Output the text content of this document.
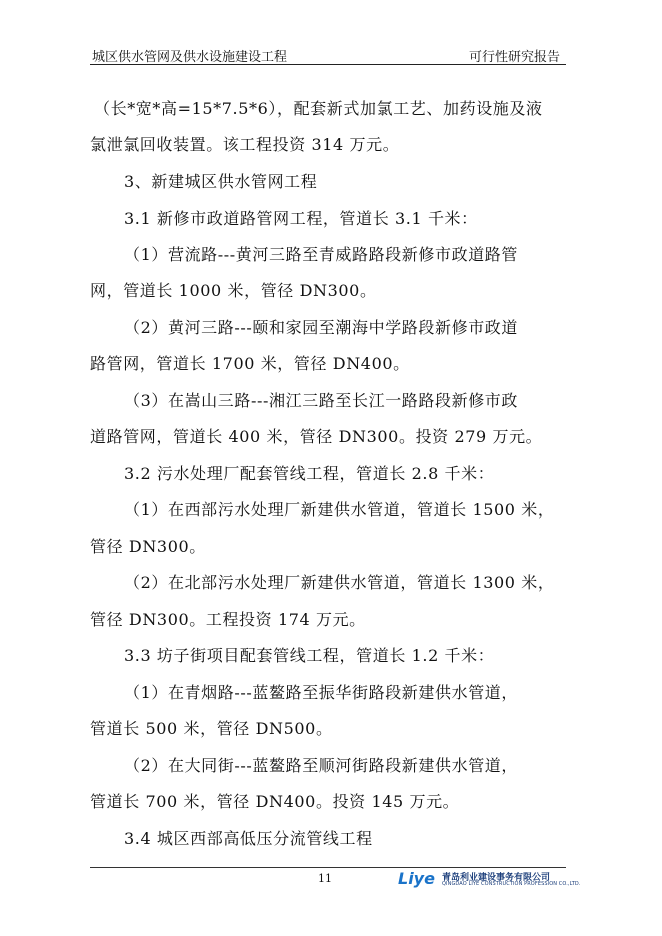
城区供水管网及供水设施建设工程	可行性研究报告
（长*宽*高=15*7.5*6），配套新式加氯工艺、加药设施及液
氯泄氯回收装置。该工程投资 314 万元。
3、新建城区供水管网工程
3.1 新修市政道路管网工程，管道长 3.1 千米：
（1）营流路---黄河三路至青威路路段新修市政道路管
网，管道长 1000 米，管径 DN300。
（2）黄河三路---颐和家园至潮海中学路段新修市政道
路管网，管道长 1700 米，管径 DN400。
（3）在嵩山三路---湘江三路至长江一路路段新修市政
道路管网，管道长 400 米，管径 DN300。投资 279 万元。
3.2 污水处理厂配套管线工程，管道长 2.8 千米：
（1）在西部污水处理厂新建供水管道，管道长 1500 米，
管径 DN300。
（2）在北部污水处理厂新建供水管道，管道长 1300 米，
管径 DN300。工程投资 174 万元。
3.3 坊子街项目配套管线工程，管道长 1.2 千米：
（1）在青烟路---蓝鳌路至振华街路段新建供水管道，
管道长 500 米，管径 DN500。
（2）在大同街---蓝鳌路至顺河街路段新建供水管道，
管道长 700 米，管径 DN400。投资 145 万元。
3.4 城区西部高低压分流管线工程
11	Liye 青岛利业建设事务有限公司
QINGDAO LIYE CONSTRUCTION PROFESSION CO.,LTD.
